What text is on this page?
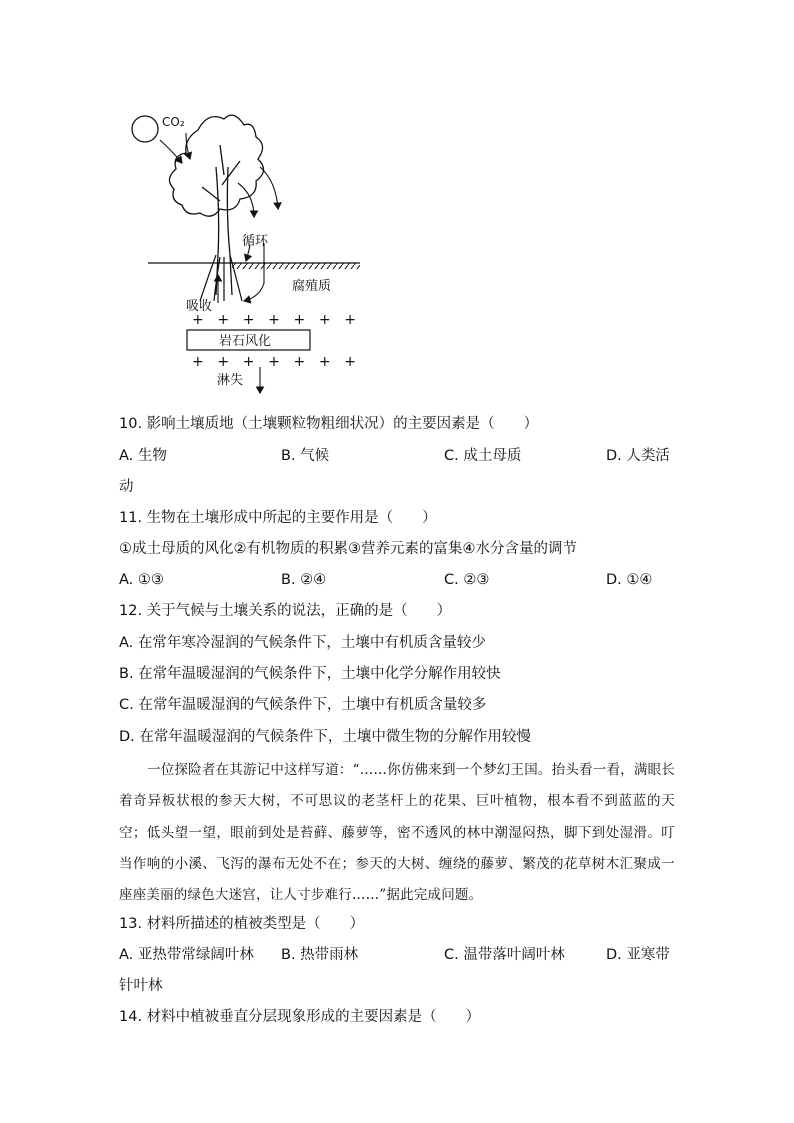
CO₂
循环
腐殖质
吸收
+ + + + + + +
岩石风化
+ + + + + + +
淋失
10. 影响土壤质地（土壤颗粒物粗细状况）的主要因素是（　　）
A. 生物	B. 气候	C. 成土母质	D. 人类活
动
11. 生物在土壤形成中所起的主要作用是（　　）
①成土母质的风化②有机物质的积累③营养元素的富集④水分含量的调节
A. ①③	B. ②④	C. ②③	D. ①④
12. 关于气候与土壤关系的说法，正确的是（　　）
A. 在常年寒冷湿润的气候条件下，土壤中有机质含量较少
B. 在常年温暖湿润的气候条件下，土壤中化学分解作用较快
C. 在常年温暖湿润的气候条件下，土壤中有机质含量较多
D. 在常年温暖湿润的气候条件下，土壤中微生物的分解作用较慢
一位探险者在其游记中这样写道：“……你仿佛来到一个梦幻王国。抬头看一看，满眼长着奇异板状根的参天大树，不可思议的老茎杆上的花果、巨叶植物，根本看不到蓝蓝的天空；低头望一望，眼前到处是苔藓、藤萝等，密不透风的林中潮湿闷热，脚下到处湿滑。叮当作响的小溪、飞泻的瀑布无处不在；参天的大树、缠绕的藤萝、繁茂的花草树木汇聚成一座座美丽的绿色大迷宫，让人寸步难行……”据此完成问题。
13. 材料所描述的植被类型是（　　）
A. 亚热带常绿阔叶林 B. 热带雨林	C. 温带落叶阔叶林	D. 亚寒带
针叶林
14. 材料中植被垂直分层现象形成的主要因素是（　　）
